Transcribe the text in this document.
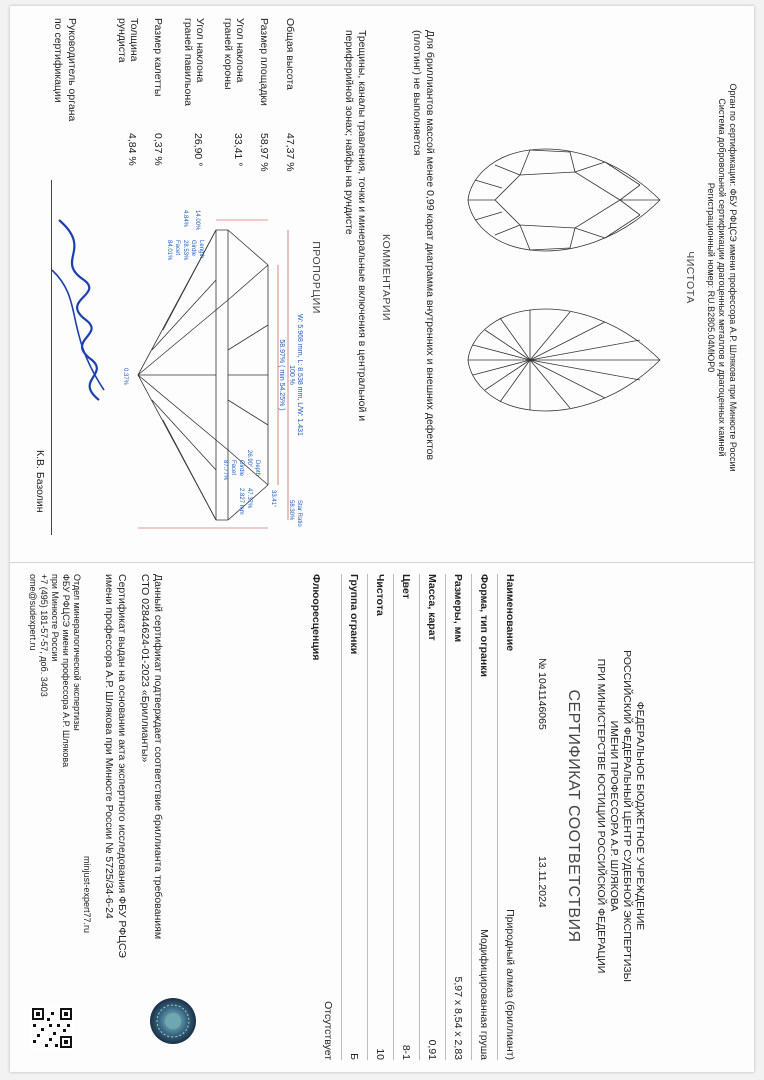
Орган по сертификации: ФБУ РФЦСЭ имени профессора А.Р. Шлякова при Минюсте России
Система добровольной сертификации драгоценных металлов и драгоценных камней
Регистрационный номер: RU.B2805.04МЮР0
ЧИСТОТА
Для бриллиантов массой менее 0,99 карат диаграмма внутренних и внешних дефектов
(плотинг) не выполняется
КОММЕНТАРИИ
Трещины, каналы травления, точки и минеральные включения в центральной и
периферийной зонах; найфы на рундисте
ПРОПОРЦИИ
Общая высота
47,37 %
Размер площадки
58,97 %
Угол наклона граней короны
33,41 °
Угол наклона граней павильона
26,90 °
Размер калетты
0,37 %
Толщина рундиста
4,84 %
W: 5.968 mm, L: 8.538 mm, L/W: 1.431
100 %
58.97% ( min 54.25% )
Star Ratio
58.30%
33.41°
26.90°
Depth
Girdle
Facet
87.77%
47.37%
2.827 mm
14.00%
4.84%
Length
Girdle
28.53%
Facet
84.01%
0.37%
Руководитель органа
по сертификации
К.В. Базолин
ФЕДЕРАЛЬНОЕ БЮДЖЕТНОЕ УЧРЕЖДЕНИЕ
РОССИЙСКИЙ ФЕДЕРАЛЬНЫЙ ЦЕНТР СУДЕБНОЙ ЭКСПЕРТИЗЫ
ИМЕНИ ПРОФЕССОРА А.Р. ШЛЯКОВА
ПРИ МИНИСТЕРСТВЕ ЮСТИЦИИ РОССИЙСКОЙ ФЕДЕРАЦИИ
СЕРТИФИКАТ СООТВЕТСТВИЯ
№ 1041146065
13.11.2024
Наименование
Природный алмаз (бриллиант)
Форма, тип огранки
Модифицированная груша
Размеры, мм
5,97 x 8,54 x 2,83
Масса, карат
0,91
Цвет
8-1
Чистота
10
Группа огранки
Б
Флюоресценция
Отсутствует
Данный сертификат подтверждает соответствие бриллианта требованиям
СТО 02844624-01-2023 «Бриллианты»
Сертификат выдан на основании акта экспертного исследования ФБУ РФЦСЭ
имени профессора А.Р. Шлякова при Минюсте России № 5725/34-6-24
minjust-expert77.ru
Отдел минералогической экспертизы
ФБУ РФЦСЭ имени профессора А.Р. Шлякова
при Минюсте России
+7 (495) 181-57-57, доб. 3403
ome@sudexpert.ru
